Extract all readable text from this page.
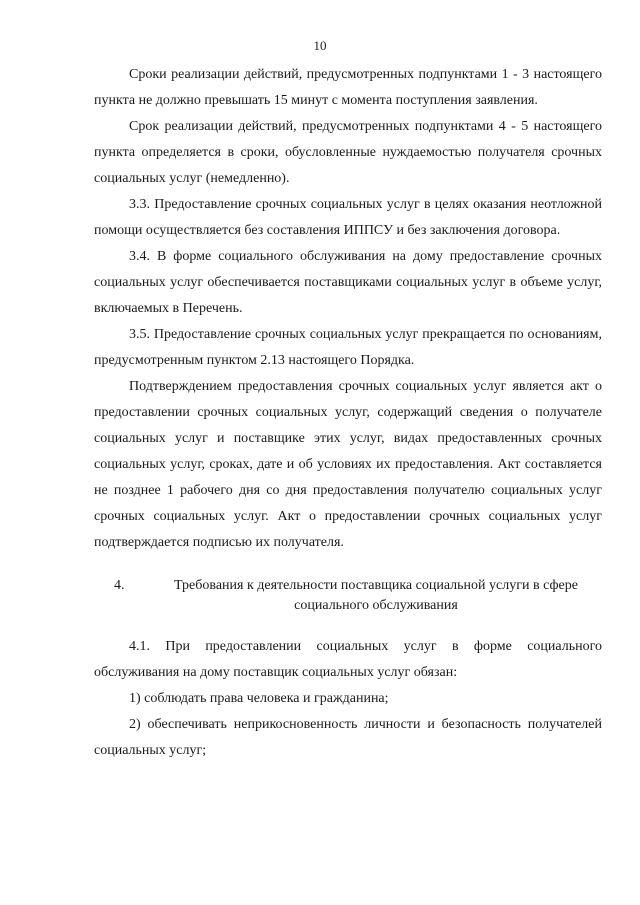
10

Сроки реализации действий, предусмотренных подпунктами 1 - 3 настоящего пункта не должно превышать 15 минут с момента поступления заявления.

Срок реализации действий, предусмотренных подпунктами 4 - 5 настоящего пункта определяется в сроки, обусловленные нуждаемостью получателя срочных социальных услуг (немедленно).

3.3. Предоставление срочных социальных услуг в целях оказания неотложной помощи осуществляется без составления ИППСУ и без заключения договора.

3.4. В форме социального обслуживания на дому предоставление срочных социальных услуг обеспечивается поставщиками социальных услуг в объеме услуг, включаемых в Перечень.

3.5. Предоставление срочных социальных услуг прекращается по основаниям, предусмотренным пунктом 2.13 настоящего Порядка.

Подтверждением предоставления срочных социальных услуг является акт о предоставлении срочных социальных услуг, содержащий сведения о получателе социальных услуг и поставщике этих услуг, видах предоставленных срочных социальных услуг, сроках, дате и об условиях их предоставления. Акт составляется не позднее 1 рабочего дня со дня предоставления получателю социальных услуг срочных социальных услуг. Акт о предоставлении срочных социальных услуг подтверждается подписью их получателя.

4.	Требования к деятельности поставщика социальной услуги в сфере социального обслуживания

4.1. При предоставлении социальных услуг в форме социального обслуживания на дому поставщик социальных услуг обязан:

1) соблюдать права человека и гражданина;

2) обеспечивать неприкосновенность личности и безопасность получателей социальных услуг;
